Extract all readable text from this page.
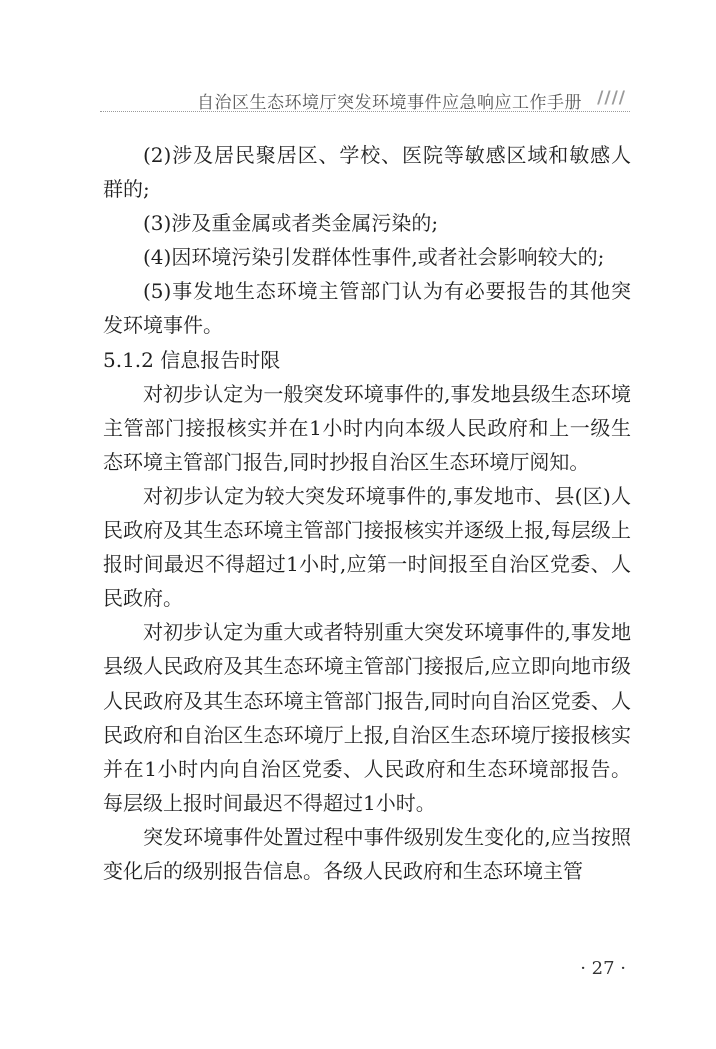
自治区生态环境厅突发环境事件应急响应工作手册 ////

(2)涉及居民聚居区、学校、医院等敏感区域和敏感人群的;

(3)涉及重金属或者类金属污染的;

(4)因环境污染引发群体性事件,或者社会影响较大的;

(5)事发地生态环境主管部门认为有必要报告的其他突发环境事件。

5.1.2 信息报告时限

对初步认定为一般突发环境事件的,事发地县级生态环境主管部门接报核实并在1小时内向本级人民政府和上一级生态环境主管部门报告,同时抄报自治区生态环境厅阅知。

对初步认定为较大突发环境事件的,事发地市、县(区)人民政府及其生态环境主管部门接报核实并逐级上报,每层级上报时间最迟不得超过1小时,应第一时间报至自治区党委、人民政府。

对初步认定为重大或者特别重大突发环境事件的,事发地县级人民政府及其生态环境主管部门接报后,应立即向地市级人民政府及其生态环境主管部门报告,同时向自治区党委、人民政府和自治区生态环境厅上报,自治区生态环境厅接报核实并在1小时内向自治区党委、人民政府和生态环境部报告。每层级上报时间最迟不得超过1小时。

突发环境事件处置过程中事件级别发生变化的,应当按照变化后的级别报告信息。各级人民政府和生态环境主管

· 27 ·
